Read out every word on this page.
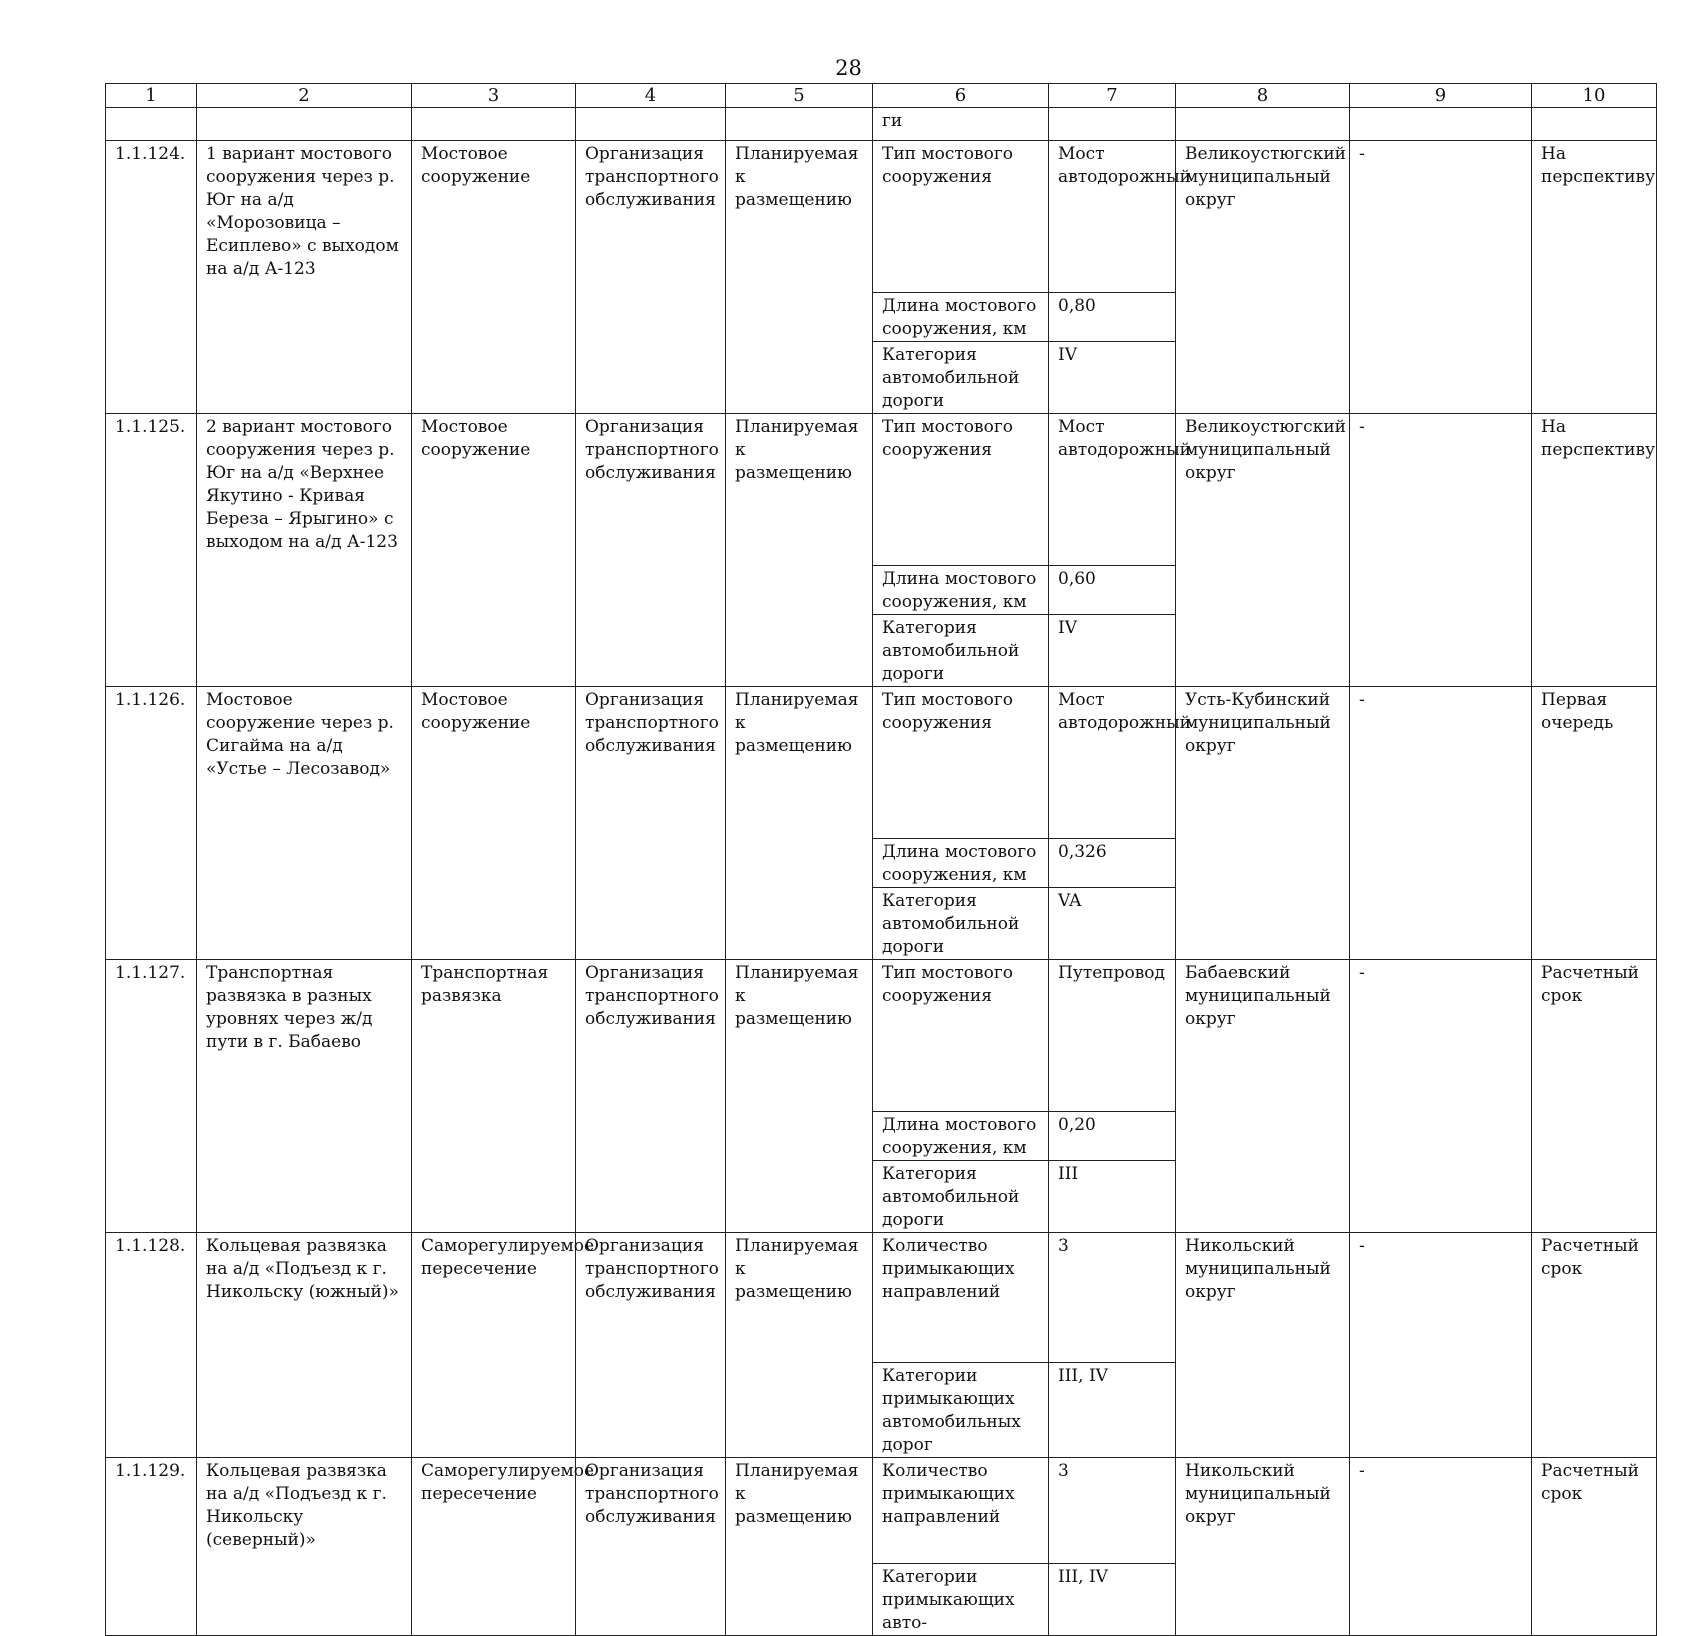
28
1	2	3	4	5	6	7	8	9	10
					ги				
1.1.124.	1 вариант мостового сооружения через р. Юг на а/д «Морозовица – Есиплево» с выходом на а/д А-123	Мостовое сооружение	Организация транспортного обслуживания	Планируемая к размещению	Тип мостового сооружения	Мост автодорожный	Великоустюгский муниципальный округ	-	На перспективу
					Длина мостового сооружения, км	0,80			
					Категория автомобильной дороги	IV			
1.1.125.	2 вариант мостового сооружения через р. Юг на а/д «Верхнее Якутино - Кривая Береза – Ярыгино» с выходом на а/д А-123	Мостовое сооружение	Организация транспортного обслуживания	Планируемая к размещению	Тип мостового сооружения	Мост автодорожный	Великоустюгский муниципальный округ	-	На перспективу
					Длина мостового сооружения, км	0,60			
					Категория автомобильной дороги	IV			
1.1.126.	Мостовое сооружение через р. Сигайма на а/д «Устье – Лесозавод»	Мостовое сооружение	Организация транспортного обслуживания	Планируемая к размещению	Тип мостового сооружения	Мост автодорожный	Усть-Кубинский муниципальный округ	-	Первая очередь
					Длина мостового сооружения, км	0,326			
					Категория автомобильной дороги	VA			
1.1.127.	Транспортная развязка в разных уровнях через ж/д пути в г. Бабаево	Транспортная развязка	Организация транспортного обслуживания	Планируемая к размещению	Тип мостового сооружения	Путепровод	Бабаевский муниципальный округ	-	Расчетный срок
					Длина мостового сооружения, км	0,20			
					Категория автомобильной дороги	III			
1.1.128.	Кольцевая развязка на а/д «Подъезд к г. Никольску (южный)»	Саморегулируемое пересечение	Организация транспортного обслуживания	Планируемая к размещению	Количество примыкающих направлений	3	Никольский муниципальный округ	-	Расчетный срок
					Категории примыкающих автомобильных дорог	III, IV			
1.1.129.	Кольцевая развязка на а/д «Подъезд к г. Никольску (северный)»	Саморегулируемое пересечение	Организация транспортного обслуживания	Планируемая к размещению	Количество примыкающих направлений	3	Никольский муниципальный округ	-	Расчетный срок
					Категории примыкающих авто-	III, IV			
